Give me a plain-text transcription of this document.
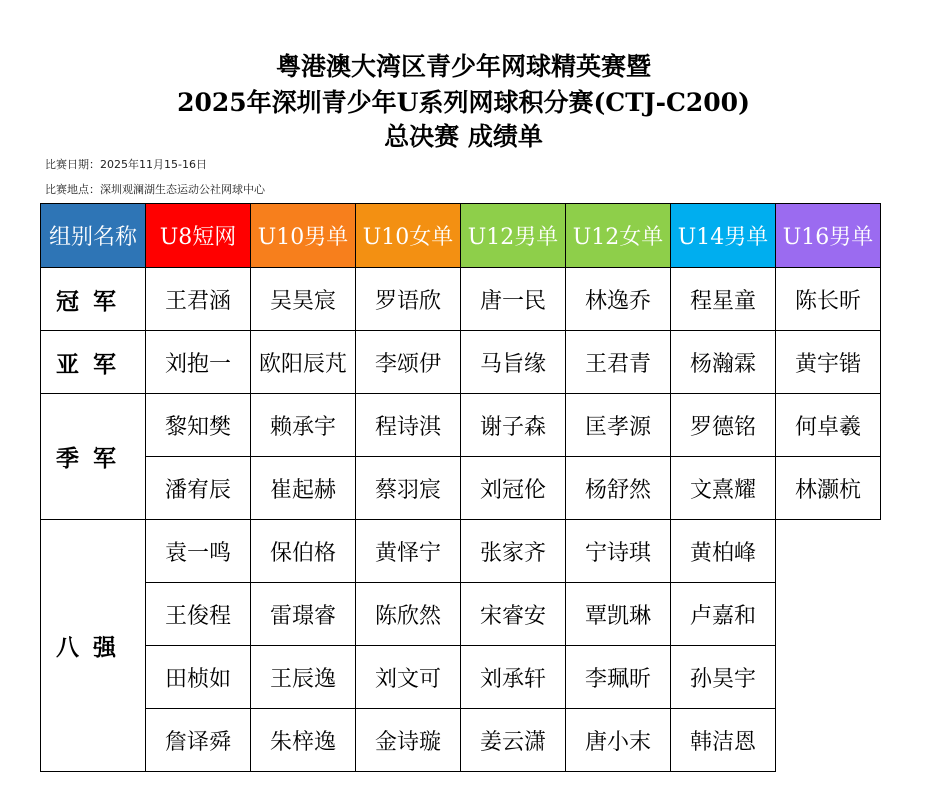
粤港澳大湾区青少年网球精英赛暨
2025年深圳青少年U系列网球积分赛(CTJ-C200)
总决赛 成绩单
比赛日期：2025年11月15-16日
比赛地点：深圳观澜湖生态运动公社网球中心
组别名称	U8短网	U10男单	U10女单	U12男单	U12女单	U14男单	U16男单
冠军	王君涵	吴昊宸	罗语欣	唐一民	林逸乔	程星童	陈长昕
亚军	刘抱一	欧阳辰芃	李颂伊	马旨缘	王君青	杨瀚霖	黄宇锴
季军	黎知樊	赖承宇	程诗淇	谢子森	匡孝源	罗德铭	何卓羲
	潘宥辰	崔起赫	蔡羽宸	刘冠伦	杨舒然	文熹耀	林灏杭
八强	袁一鸣	保伯格	黄怿宁	张家齐	宁诗琪	黄柏峰	
	王俊程	雷璟睿	陈欣然	宋睿安	覃凯琳	卢嘉和	
	田桢如	王辰逸	刘文可	刘承轩	李珮昕	孙昊宇	
	詹译舜	朱梓逸	金诗璇	姜云潇	唐小末	韩洁恩	
